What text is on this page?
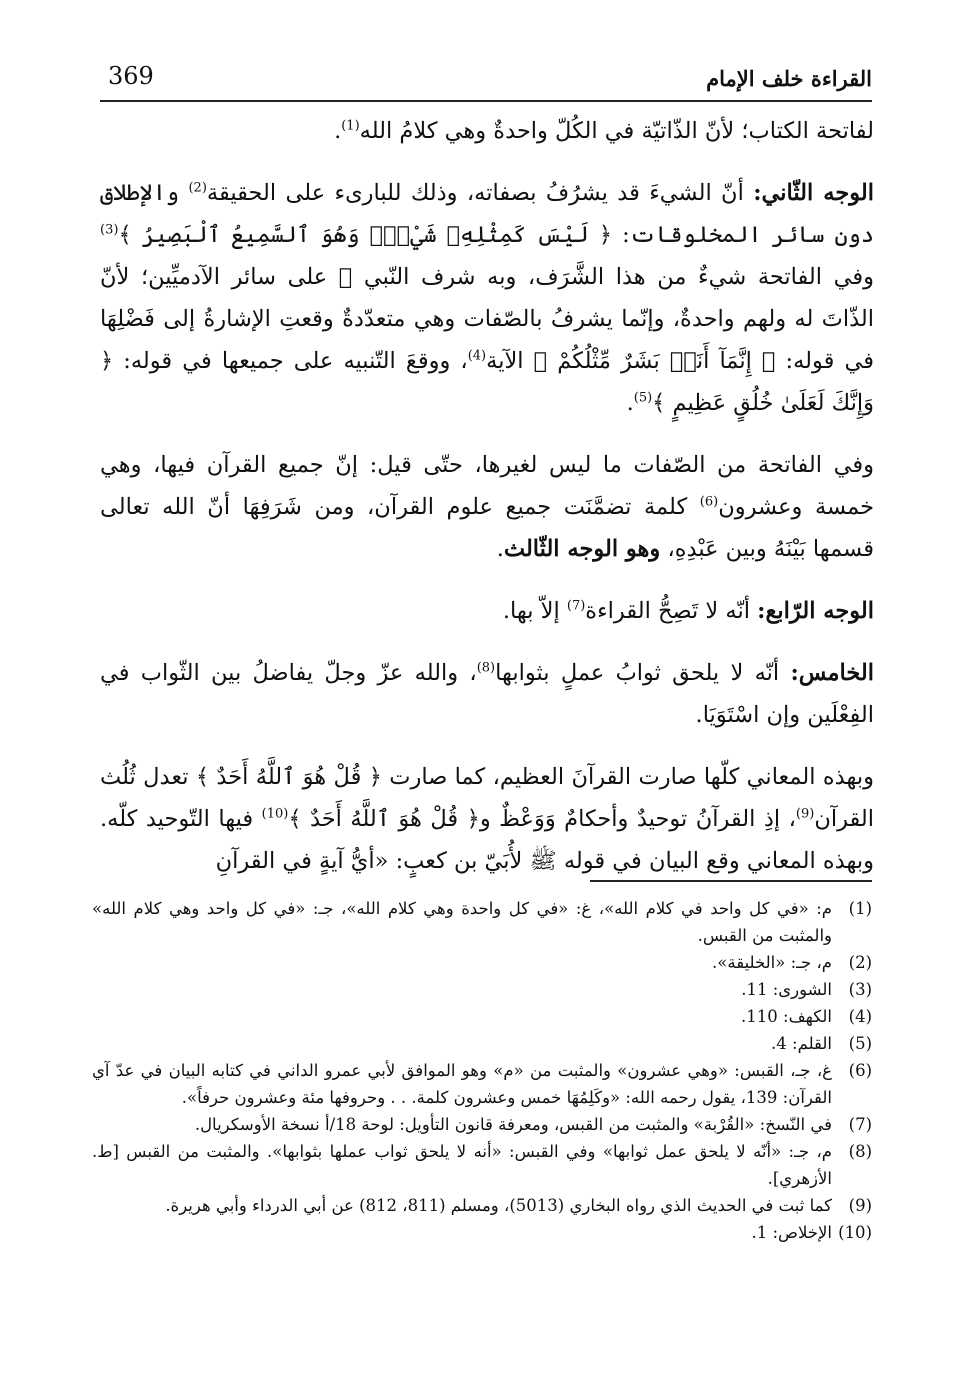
القراءة خلف الإمام
369

لفاتحة الكتاب؛ لأنّ الذّاتيّة في الكُلّ واحدةٌ وهي كلامُ الله$^{(1)}$.

الوجه الثّاني: أنّ الشيءَ قد يشرُفُ بصفاته، وذلك للبارىء على الحقيقة$^{(2)}$ والإطلاق دون سائر المخلوقات: ﴿ لَيْسَ كَمِثْلِهِۦ شَيْءٌۖ وَهُوَ ٱلسَّمِيعُ ٱلْبَصِيرُ ﴾$^{(3)}$ وفي الفاتحة شيءٌ من هذا الشَّرَف، وبه شرف النّبي ﷺ على سائر الآدميِّين؛ لأنّ الذّاتَ له ولهم واحدةٌ، وإنّما يشرفُ بالصّفات وهي متعدّدةٌ وقعتِ الإشارةُ إلى فَضْلِهَا في قوله: ﴿ إِنَّمَآ أَنَا۠ بَشَرٌ مِّثْلُكُمْ ﴾ الآية$^{(4)}$، ووقعَ التّنبيه على جميعها في قوله: ﴿ وَإِنَّكَ لَعَلَىٰ خُلُقٍ عَظِيمٍ ﴾$^{(5)}$.

وفي الفاتحة من الصّفات ما ليس لغيرها، حتّى قيل: إنّ جميع القرآن فيها، وهي خمسة وعشرون$^{(6)}$ كلمة تضمَّنَت جميع علوم القرآن، ومن شَرَفِهَا أنّ الله تعالى قسمها بَيْنَهُ وبين عَبْدِهِ، وهو الوجه الثّالث.

الوجه الرّابع: أنّه لا تَصِحُّ القراءة$^{(7)}$ إلاّ بها.

الخامس: أنّه لا يلحق ثوابُ عملٍ بثوابها$^{(8)}$، والله عزّ وجلّ يفاضلُ بين الثّواب في الفِعْلَين وإن اسْتَوَيَا.

وبهذه المعاني كلّها صارت القرآنَ العظيم، كما صارت ﴿ قُلْ هُوَ ٱللَّهُ أَحَدٌ ﴾ تعدل ثُلُث القرآن$^{(9)}$، إذِ القرآنُ توحيدٌ وأحكامٌ وَوَعْظٌ و﴿ قُلْ هُوَ ٱللَّهُ أَحَدٌ ﴾$^{(10)}$ فيها التّوحيد كلّه. وبهذه المعاني وقع البيان في قوله ﷺ لأُبَيّ بن كعبٍ: «أيُّ آيةٍ في القرآنِ

(1)
م: «في كل واحد في كلام الله»، غ: «في كل واحدة وهي كلام الله»، جـ: «في كل واحد وهي كلام الله» والمثبت من القبس.
(2)
م، جـ: «الخليقة».
(3)
الشورى: 11.
(4)
الكهف: 110.
(5)
القلم: 4.
(6)
غ، جـ، القبس: «وهي عشرون» والمثبت من «م» وهو الموافق لأبي عمرو الداني في كتابه البيان في عدّ آي القرآن: 139، يقول رحمه الله: «وكَلِمُهَا خمس وعشرون كلمة. . . وحروفها مئة وعشرون حرفاً».
(7)
في النّسخ: «القُرْبة» والمثبت من القبس، ومعرفة قانون التأويل: لوحة 18/أ نسخة الأوسكريال.
(8)
م، جـ: «أنّه لا يلحق عمل ثوابها» وفي القبس: «أنه لا يلحق ثواب عملها بثوابها». والمثبت من القبس [ط. الأزهري].
(9)
كما ثبت في الحديث الذي رواه البخاري (5013)، ومسلم (811، 812) عن أبي الدرداء وأبي هريرة.
(10)
الإخلاص: 1.
